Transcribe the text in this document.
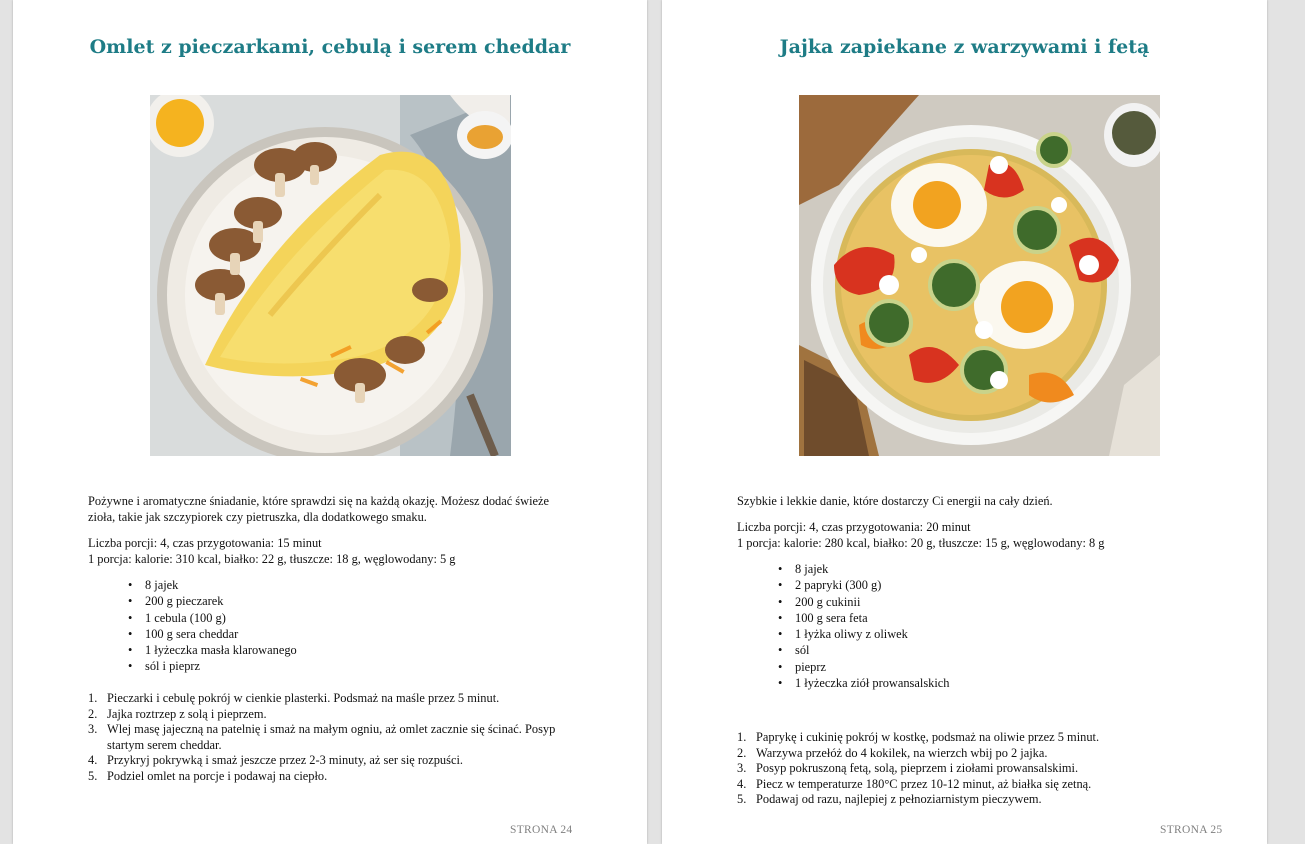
Omlet z pieczarkami, cebulą i serem cheddar

Pożywne i aromatyczne śniadanie, które sprawdzi się na każdą okazję. Możesz dodać świeże zioła, takie jak szczypiorek czy pietruszka, dla dodatkowego smaku.

Liczba porcji: 4, czas przygotowania: 15 minut

1 porcja: kalorie: 310 kcal, białko: 22 g, tłuszcze: 18 g, węglowodany: 5 g

• 8 jajek
• 200 g pieczarek
• 1 cebula (100 g)
• 100 g sera cheddar
• 1 łyżeczka masła klarowanego
• sól i pieprz
1. Pieczarki i cebulę pokrój w cienkie plasterki. Podsmaż na maśle przez 5 minut.
2. Jajka roztrzep z solą i pieprzem.
3. Wlej masę jajeczną na patelnię i smaż na małym ogniu, aż omlet zacznie się ścinać. Posyp startym serem cheddar.
4. Przykryj pokrywką i smaż jeszcze przez 2-3 minuty, aż ser się rozpuści.
5. Podziel omlet na porcje i podawaj na ciepło.
STRONA 24
Jajka zapiekane z warzywami i fetą

Szybkie i lekkie danie, które dostarczy Ci energii na cały dzień.

Liczba porcji: 4, czas przygotowania: 20 minut

1 porcja: kalorie: 280 kcal, białko: 20 g, tłuszcze: 15 g, węglowodany: 8 g

• 8 jajek
• 2 papryki (300 g)
• 200 g cukinii
• 100 g sera feta
• 1 łyżka oliwy z oliwek
• sól
• pieprz
• 1 łyżeczka ziół prowansalskich
1. Paprykę i cukinię pokrój w kostkę, podsmaż na oliwie przez 5 minut.
2. Warzywa przełóż do 4 kokilek, na wierzch wbij po 2 jajka.
3. Posyp pokruszoną fetą, solą, pieprzem i ziołami prowansalskimi.
4. Piecz w temperaturze 180°C przez 10-12 minut, aż białka się zetną.
5. Podawaj od razu, najlepiej z pełnoziarnistym pieczywem.
STRONA 25
